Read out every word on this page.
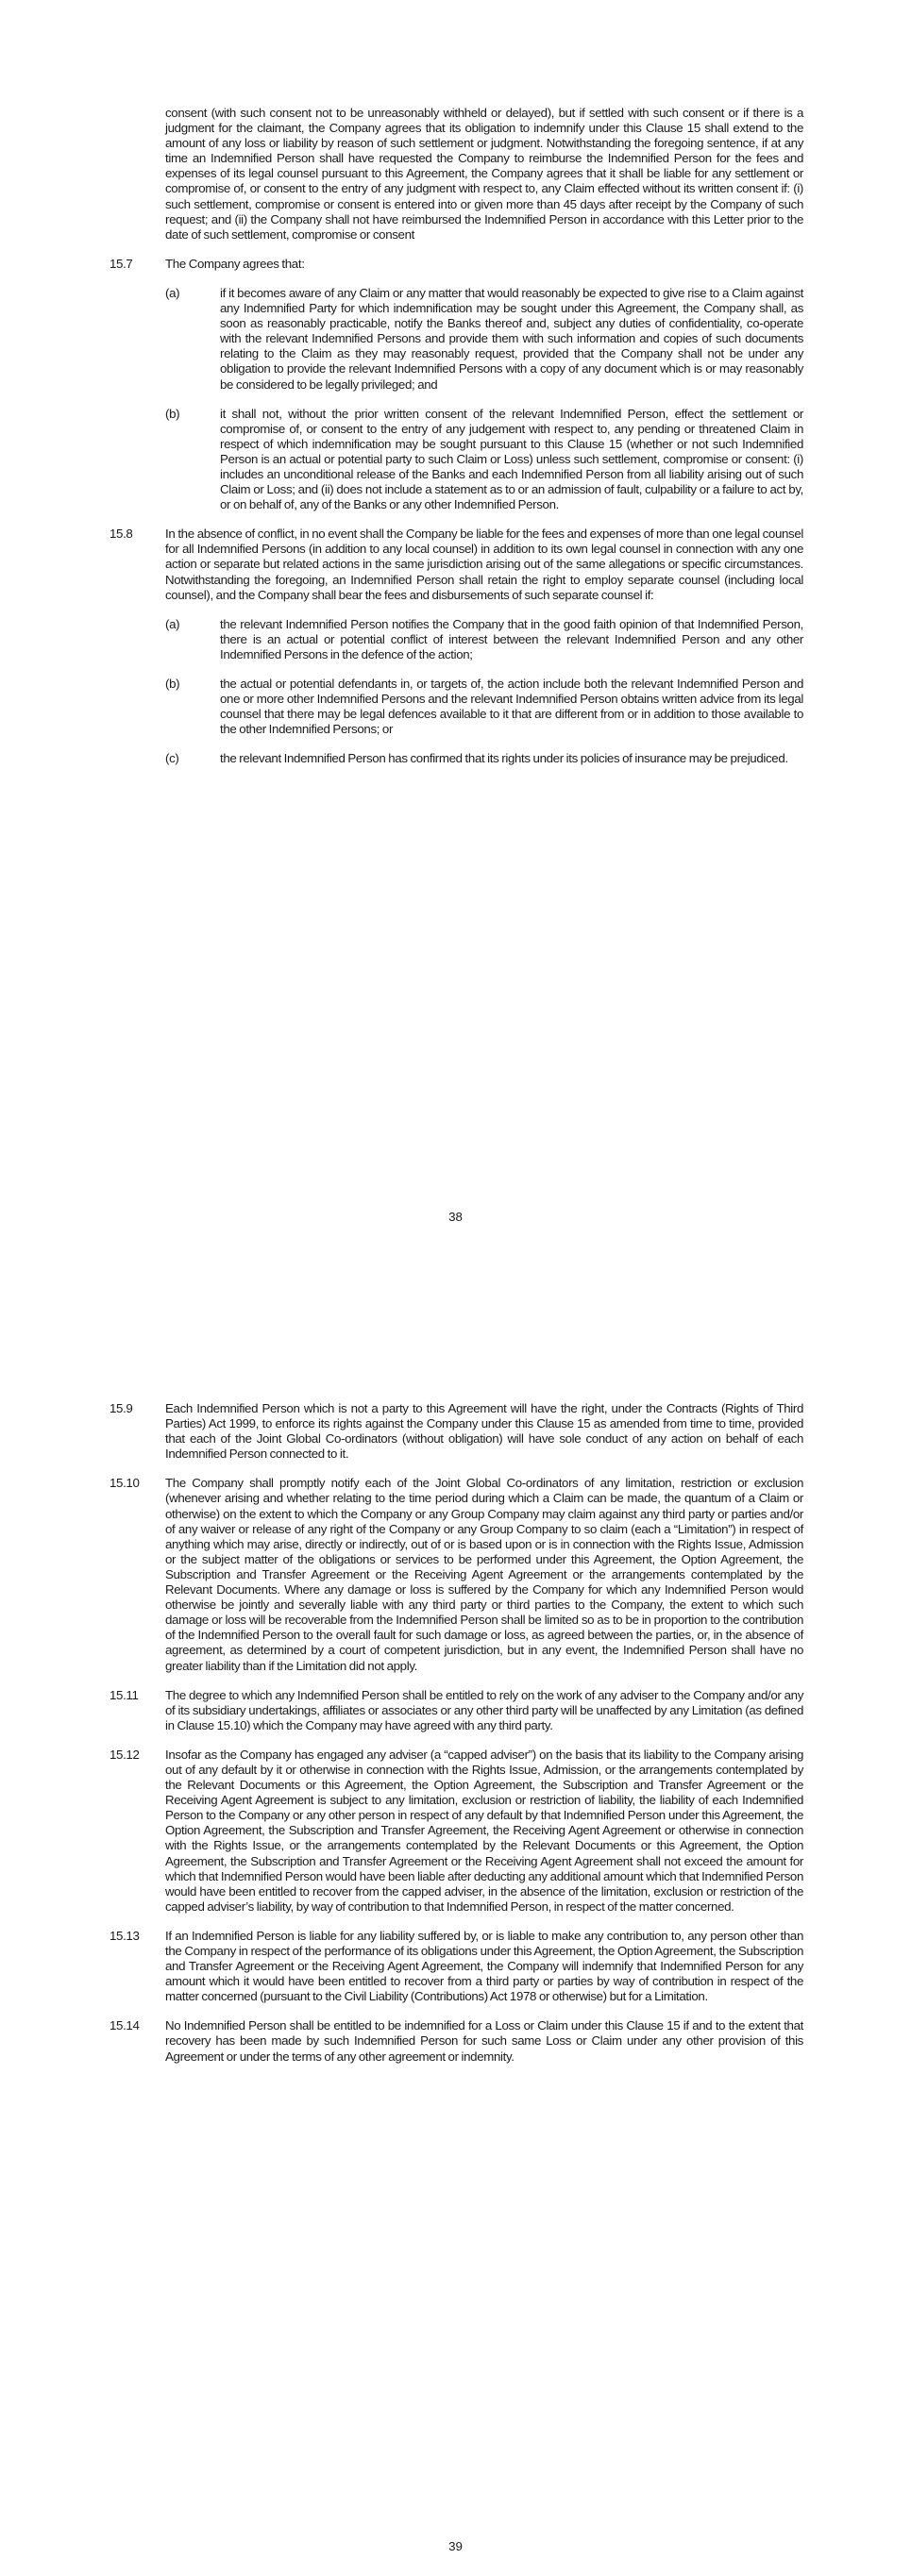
consent (with such consent not to be unreasonably withheld or delayed), but if settled with such consent or if there is a judgment for the claimant, the Company agrees that its obligation to indemnify under this Clause 15 shall extend to the amount of any loss or liability by reason of such settlement or judgment. Notwithstanding the foregoing sentence, if at any time an Indemnified Person shall have requested the Company to reimburse the Indemnified Person for the fees and expenses of its legal counsel pursuant to this Agreement, the Company agrees that it shall be liable for any settlement or compromise of, or consent to the entry of any judgment with respect to, any Claim effected without its written consent if: (i) such settlement, compromise or consent is entered into or given more than 45 days after receipt by the Company of such request; and (ii) the Company shall not have reimbursed the Indemnified Person in accordance with this Letter prior to the date of such settlement, compromise or consent

15.7	The Company agrees that:
(a)	if it becomes aware of any Claim or any matter that would reasonably be expected to give rise to a Claim against any Indemnified Party for which indemnification may be sought under this Agreement, the Company shall, as soon as reasonably practicable, notify the Banks thereof and, subject any duties of confidentiality, co-operate with the relevant Indemnified Persons and provide them with such information and copies of such documents relating to the Claim as they may reasonably request, provided that the Company shall not be under any obligation to provide the relevant Indemnified Persons with a copy of any document which is or may reasonably be considered to be legally privileged; and
(b)	it shall not, without the prior written consent of the relevant Indemnified Person, effect the settlement or compromise of, or consent to the entry of any judgement with respect to, any pending or threatened Claim in respect of which indemnification may be sought pursuant to this Clause 15 (whether or not such Indemnified Person is an actual or potential party to such Claim or Loss) unless such settlement, compromise or consent: (i) includes an unconditional release of the Banks and each Indemnified Person from all liability arising out of such Claim or Loss; and (ii) does not include a statement as to or an admission of fault, culpability or a failure to act by, or on behalf of, any of the Banks or any other Indemnified Person.
15.8	In the absence of conflict, in no event shall the Company be liable for the fees and expenses of more than one legal counsel for all Indemnified Persons (in addition to any local counsel) in addition to its own legal counsel in connection with any one action or separate but related actions in the same jurisdiction arising out of the same allegations or specific circumstances. Notwithstanding the foregoing, an Indemnified Person shall retain the right to employ separate counsel (including local counsel), and the Company shall bear the fees and disbursements of such separate counsel if:
(a)	the relevant Indemnified Person notifies the Company that in the good faith opinion of that Indemnified Person, there is an actual or potential conflict of interest between the relevant Indemnified Person and any other Indemnified Persons in the defence of the action;
(b)	the actual or potential defendants in, or targets of, the action include both the relevant Indemnified Person and one or more other Indemnified Persons and the relevant Indemnified Person obtains written advice from its legal counsel that there may be legal defences available to it that are different from or in addition to those available to the other Indemnified Persons; or
(c)	the relevant Indemnified Person has confirmed that its rights under its policies of insurance may be prejudiced.
38
15.9	Each Indemnified Person which is not a party to this Agreement will have the right, under the Contracts (Rights of Third Parties) Act 1999, to enforce its rights against the Company under this Clause 15 as amended from time to time, provided that each of the Joint Global Co-ordinators (without obligation) will have sole conduct of any action on behalf of each Indemnified Person connected to it.
15.10 The Company shall promptly notify each of the Joint Global Co-ordinators of any limitation, restriction or exclusion (whenever arising and whether relating to the time period during which a Claim can be made, the quantum of a Claim or otherwise) on the extent to which the Company or any Group Company may claim against any third party or parties and/or of any waiver or release of any right of the Company or any Group Company to so claim (each a “Limitation”) in respect of anything which may arise, directly or indirectly, out of or is based upon or is in connection with the Rights Issue, Admission or the subject matter of the obligations or services to be performed under this Agreement, the Option Agreement, the Subscription and Transfer Agreement or the Receiving Agent Agreement or the arrangements contemplated by the Relevant Documents. Where any damage or loss is suffered by the Company for which any Indemnified Person would otherwise be jointly and severally liable with any third party or third parties to the Company, the extent to which such damage or loss will be recoverable from the Indemnified Person shall be limited so as to be in proportion to the contribution of the Indemnified Person to the overall fault for such damage or loss, as agreed between the parties, or, in the absence of agreement, as determined by a court of competent jurisdiction, but in any event, the Indemnified Person shall have no greater liability than if the Limitation did not apply.
15.11 The degree to which any Indemnified Person shall be entitled to rely on the work of any adviser to the Company and/or any of its subsidiary undertakings, affiliates or associates or any other third party will be unaffected by any Limitation (as defined in Clause 15.10) which the Company may have agreed with any third party.
15.12 Insofar as the Company has engaged any adviser (a “capped adviser”) on the basis that its liability to the Company arising out of any default by it or otherwise in connection with the Rights Issue, Admission, or the arrangements contemplated by the Relevant Documents or this Agreement, the Option Agreement, the Subscription and Transfer Agreement or the Receiving Agent Agreement is subject to any limitation, exclusion or restriction of liability, the liability of each Indemnified Person to the Company or any other person in respect of any default by that Indemnified Person under this Agreement, the Option Agreement, the Subscription and Transfer Agreement, the Receiving Agent Agreement or otherwise in connection with the Rights Issue, or the arrangements contemplated by the Relevant Documents or this Agreement, the Option Agreement, the Subscription and Transfer Agreement or the Receiving Agent Agreement shall not exceed the amount for which that Indemnified Person would have been liable after deducting any additional amount which that Indemnified Person would have been entitled to recover from the capped adviser, in the absence of the limitation, exclusion or restriction of the capped adviser’s liability, by way of contribution to that Indemnified Person, in respect of the matter concerned.
15.13 If an Indemnified Person is liable for any liability suffered by, or is liable to make any contribution to, any person other than the Company in respect of the performance of its obligations under this Agreement, the Option Agreement, the Subscription and Transfer Agreement or the Receiving Agent Agreement, the Company will indemnify that Indemnified Person for any amount which it would have been entitled to recover from a third party or parties by way of contribution in respect of the matter concerned (pursuant to the Civil Liability (Contributions) Act 1978 or otherwise) but for a Limitation.
15.14 No Indemnified Person shall be entitled to be indemnified for a Loss or Claim under this Clause 15 if and to the extent that recovery has been made by such Indemnified Person for such same Loss or Claim under any other provision of this Agreement or under the terms of any other agreement or indemnity.
39
